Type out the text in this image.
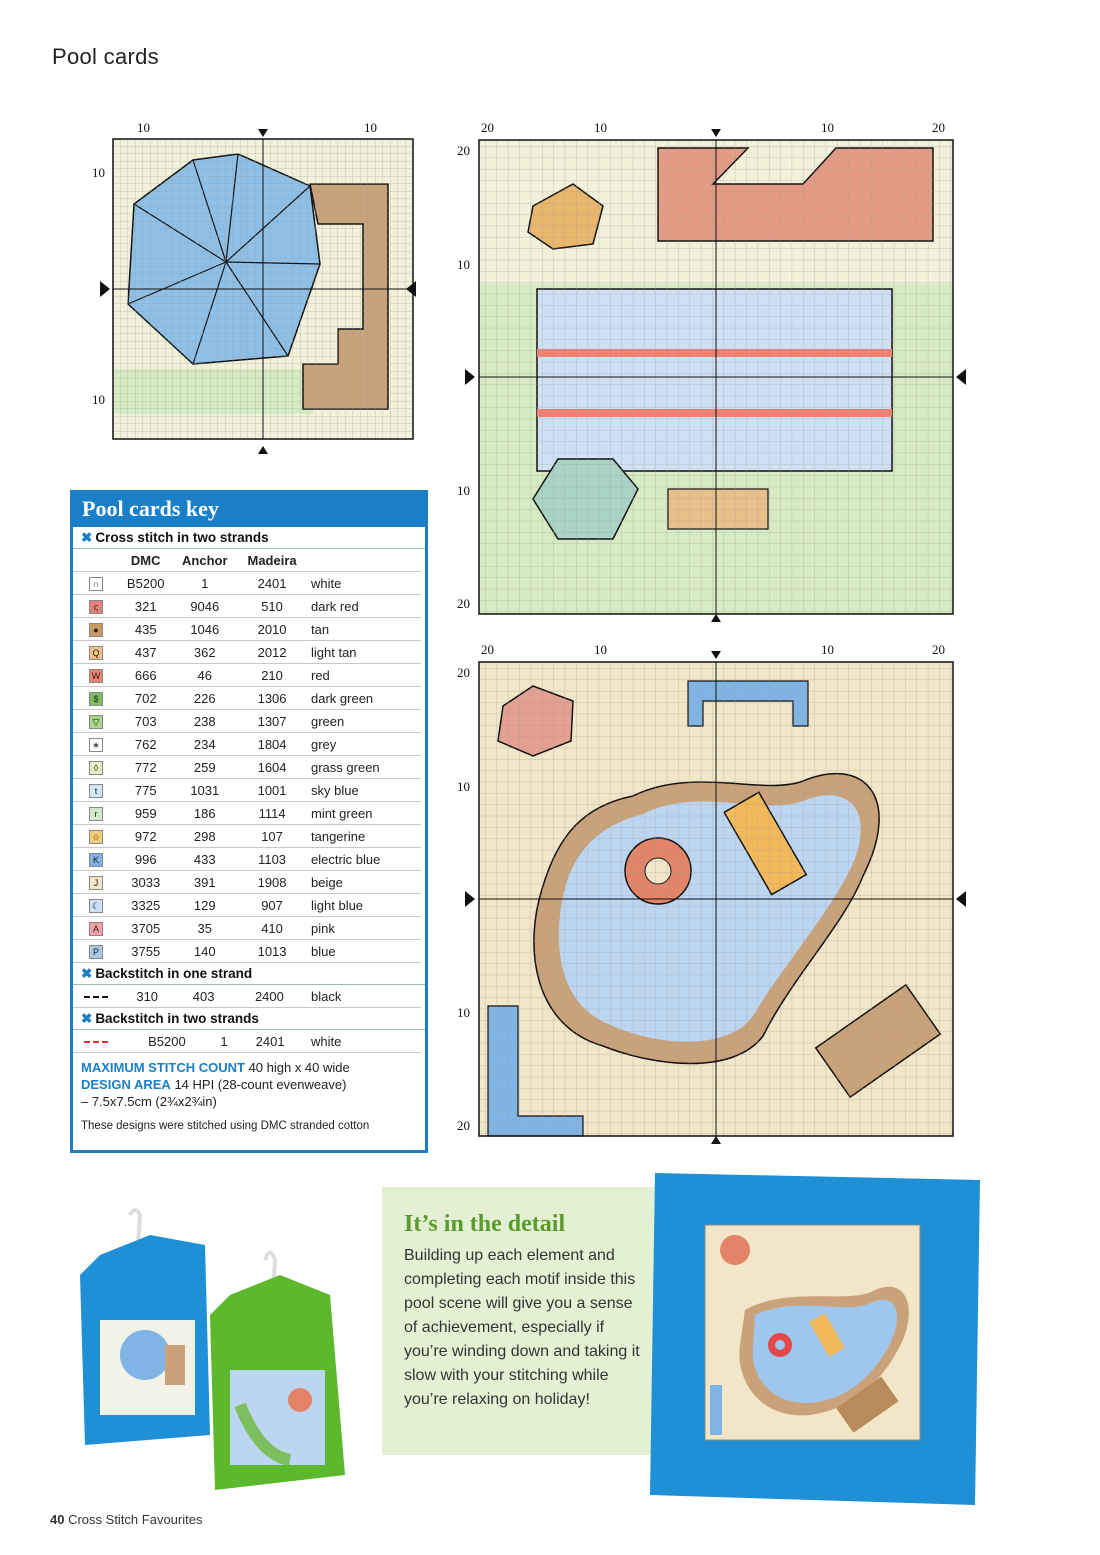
Pool cards
10	10
10
10
20	10	10	20
20
10
10
20
20	10	10	20
20
10
10
20
Pool cards key
✖ Cross stitch in two strands
	DMC	Anchor	Madeira	
∩	B5200	1	2401	white
ς	321	9046	510	dark red
●	435	1046	2010	tan
Q	437	362	2012	light tan
W	666	46	210	red
$	702	226	1306	dark green
▽	703	238	1307	green
∗	762	234	1804	grey
◊	772	259	1604	grass green
t	775	1031	1001	sky blue
r	959	186	1114	mint green
☆	972	298	107	tangerine
K	996	433	1103	electric blue
J	3033	391	1908	beige
☾	3325	129	907	light blue
A	3705	35	410	pink
P	3755	140	1013	blue
✖ Backstitch in one strand
	310	403	2400	black
✖ Backstitch in two strands
	B5200	1	2401	white
MAXIMUM STITCH COUNT 40 high x 40 wide
DESIGN AREA 14 HPI (28-count evenweave)
– 7.5x7.5cm (2¾x2¾in)
These designs were stitched using DMC stranded cotton
It’s in the detail

Building up each element and completing each motif inside this pool scene will give you a sense of achievement, especially if you’re winding down and taking it slow with your stitching while you’re relaxing on holiday!

40 Cross Stitch Favourites
